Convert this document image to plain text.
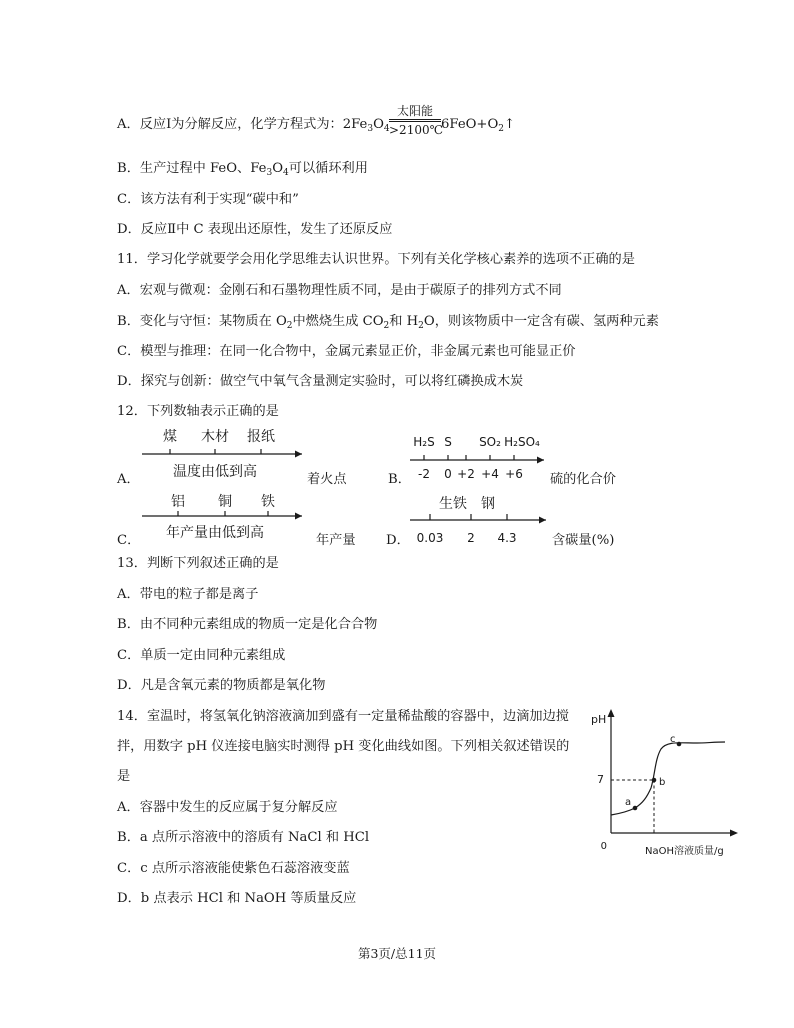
A．反应Ⅰ为分解反应，化学方程式为：$2Fe_3O_4$
太阳能
>2100℃
$6FeO+O_2↑$
B．生产过程中 FeO、$Fe_3O_4$可以循环利用
C．该方法有利于实现“碳中和”
D．反应Ⅱ中 C 表现出还原性，发生了还原反应
11．学习化学就要学会用化学思维去认识世界。下列有关化学核心素养的选项不正确的是
A．宏观与微观：金刚石和石墨物理性质不同，是由于碳原子的排列方式不同
B．变化与守恒：某物质在 $O_2$中燃烧生成 $CO_2$和 $H_2O$，则该物质中一定含有碳、氢两种元素
C．模型与推理：在同一化合物中，金属元素显正价，非金属元素也可能显正价
D．探究与创新：做空气中氧气含量测定实验时，可以将红磷换成木炭
12．下列数轴表示正确的是
A．
煤 木材 报纸
温度由低到高	着火点	B．
H₂S S SO₂ H₂SO₄
-2 0 +2 +4 +6 硫的化合价
C．
铝 铜 铁
年产量由低到高	年产量 D．
生铁 钢
0.03 2 4.3	含碳量(%)
13．判断下列叙述正确的是
A．带电的粒子都是离子
B．由不同种元素组成的物质一定是化合合物
C．单质一定由同种元素组成
D．凡是含氧元素的物质都是氧化物
14．室温时，将氢氧化钠溶液滴加到盛有一定量稀盐酸的容器中，边滴加边搅
拌，用数字 pH 仪连接电脑实时测得 pH 变化曲线如图。下列相关叙述错误的
是
A．容器中发生的反应属于复分解反应
B．a 点所示溶液中的溶质有 NaCl 和 HCl
C．c 点所示溶液能使紫色石蕊溶液变蓝
D．b 点表示 HCl 和 NaOH 等质量反应
pH
7
a
b
c
0	NaOH溶液质量/g
第3页/总11页
